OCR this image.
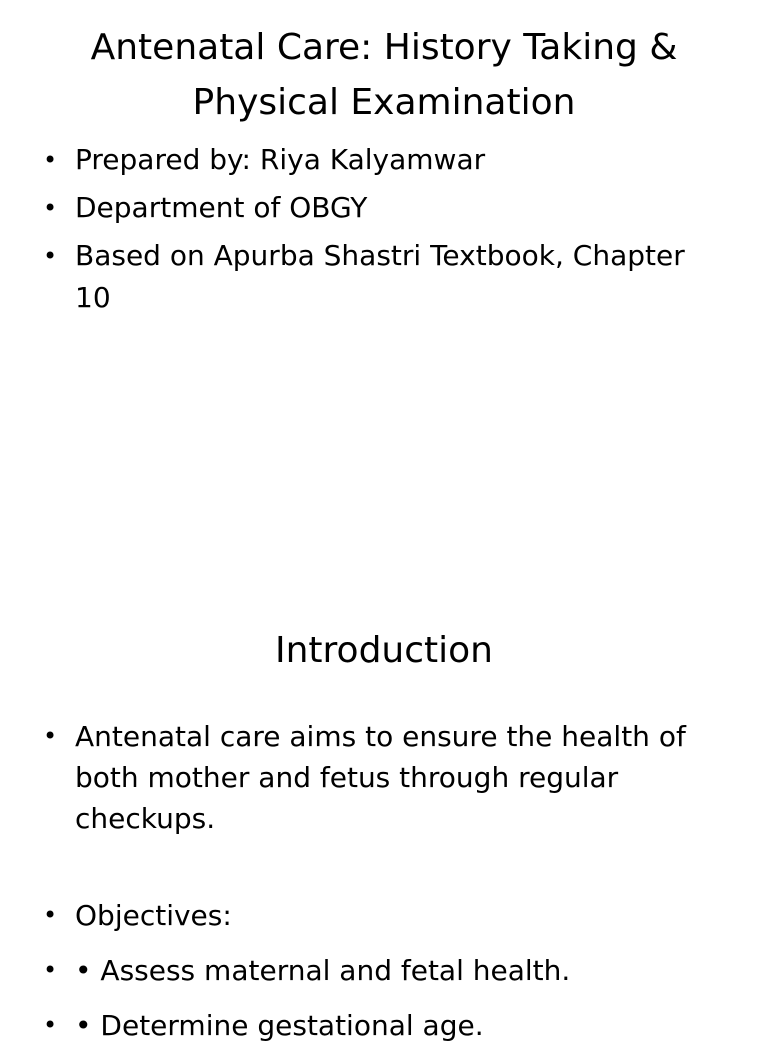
Antenatal Care: History Taking & Physical Examination
• Prepared by: Riya Kalyamwar
• Department of OBGY
• Based on Apurba Shastri Textbook, Chapter 10
Introduction
• Antenatal care aims to ensure the health of both mother and fetus through regular checkups.
• Objectives:
• • Assess maternal and fetal health.
• • Determine gestational age.
